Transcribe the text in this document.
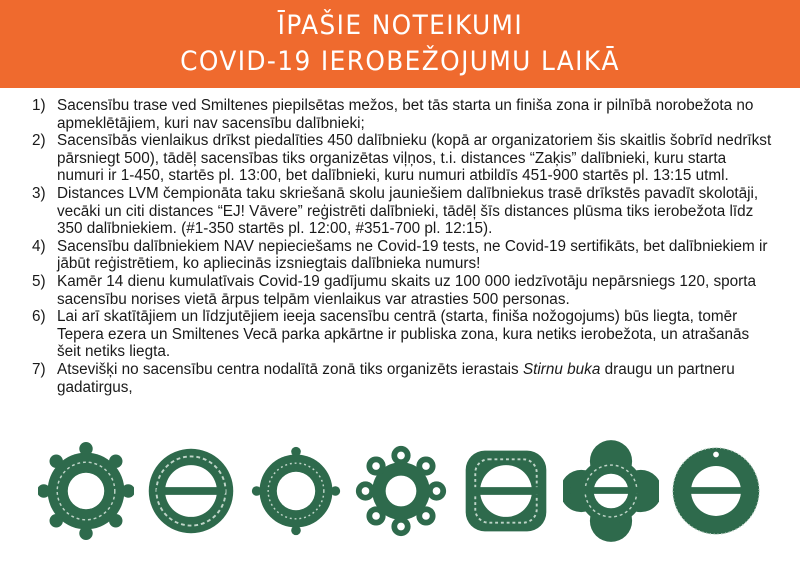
ĪPAŠIE NOTEIKUMI
COVID-19 IEROBEŽOJUMU LAIKĀ
1) Sacensību trase ved Smiltenes piepilsētas mežos, bet tās starta un finiša zona ir pilnībā norobežota no apmeklētājiem, kuri nav sacensību dalībnieki;
2) Sacensībās vienlaikus drīkst piedalīties 450 dalībnieku (kopā ar organizatoriem šis skaitlis šobrīd nedrīkst pārsniegt 500), tādēļ sacensības tiks organizētas viļņos, t.i. distances “Zaķis” dalībnieki, kuru starta numuri ir 1-450, startēs pl. 13:00, bet dalībnieki, kuru numuri atbildīs 451-900 startēs pl. 13:15 utml.
3) Distances LVM čempionāta taku skriešanā skolu jauniešiem dalībniekus trasē drīkstēs pavadīt skolotāji, vecāki un citi distances “EJ! Vāvere” reģistrēti dalībnieki, tādēļ šīs distances plūsma tiks ierobežota līdz 350 dalībniekiem. (#1-350 startēs pl. 12:00, #351-700 pl. 12:15).
4) Sacensību dalībniekiem NAV nepieciešams ne Covid-19 tests, ne Covid-19 sertifikāts, bet dalībniekiem ir jābūt reģistrētiem, ko apliecinās izsniegtais dalībnieka numurs!
5) Kamēr 14 dienu kumulatīvais Covid-19 gadījumu skaits uz 100 000 iedzīvotāju nepārsniegs 120, sporta sacensību norises vietā ārpus telpām vienlaikus var atrasties 500 personas.
6) Lai arī skatītājiem un līdzjutējiem ieeja sacensību centrā (starta, finiša nožogojums) būs liegta, tomēr Tepera ezera un Smiltenes Vecā parka apkārtne ir publiska zona, kura netiks ierobežota, un atrašanās šeit netiks liegta.
7) Atsevišķi no sacensību centra nodalītā zonā tiks organizēts ierastais Stirnu buka draugu un partneru gadatirgus,
